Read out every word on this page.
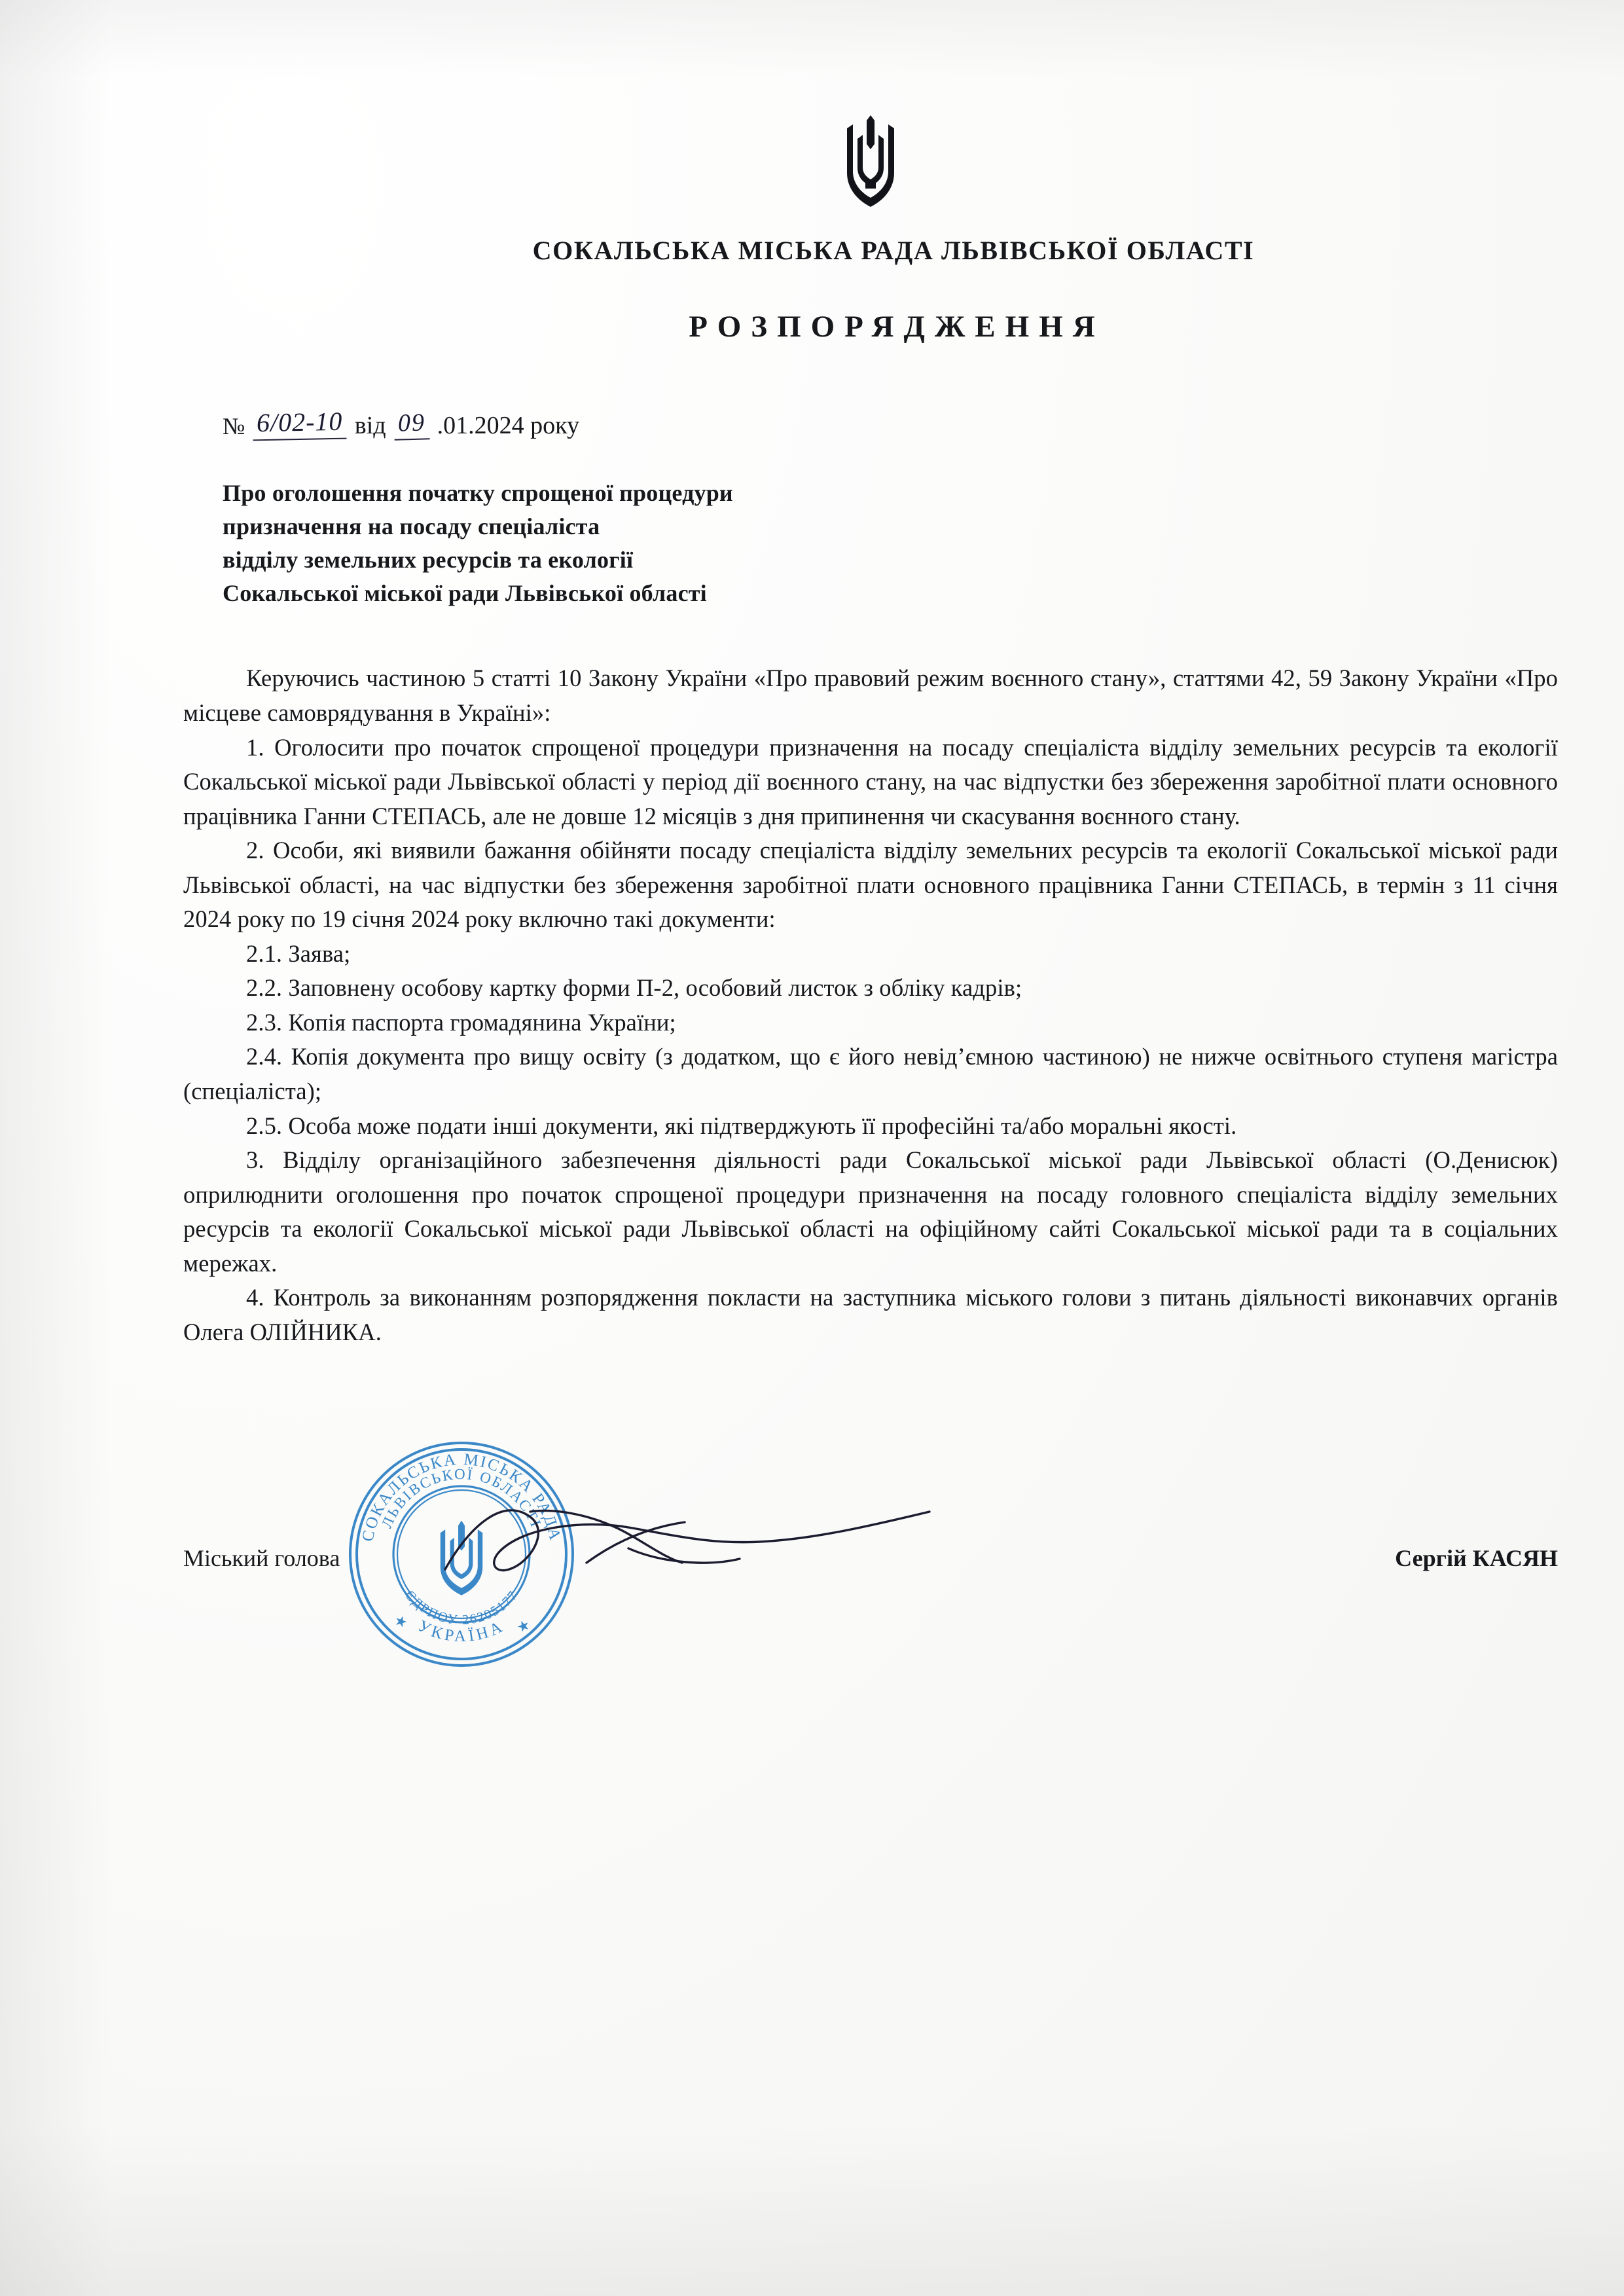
СОКАЛЬСЬКА МІСЬКА РАДА ЛЬВІВСЬКОЇ ОБЛАСТІ
РОЗПОРЯДЖЕННЯ
№ 6/02-10 від 09 .01.2024 року
Про оголошення початку спрощеної процедури
призначення на посаду спеціаліста
відділу земельних ресурсів та екології
Сокальської міської ради Львівської області

Керуючись частиною 5 статті 10 Закону України «Про правовий режим воєнного стану», статтями 42, 59 Закону України «Про місцеве самоврядування в Україні»:

1. Оголосити про початок спрощеної процедури призначення на посаду спеціаліста відділу земельних ресурсів та екології Сокальської міської ради Львівської області у період дії воєнного стану, на час відпустки без збереження заробітної плати основного працівника Ганни СТЕПАСЬ, але не довше 12 місяців з дня припинення чи скасування воєнного стану.

2. Особи, які виявили бажання обійняти посаду спеціаліста відділу земельних ресурсів та екології Сокальської міської ради Львівської області, на час відпустки без збереження заробітної плати основного працівника Ганни СТЕПАСЬ, в термін з 11 січня 2024 року по 19 січня 2024 року включно такі документи:

2.1. Заява;

2.2. Заповнену особову картку форми П-2, особовий листок з обліку кадрів;

2.3. Копія паспорта громадянина України;

2.4. Копія документа про вищу освіту (з додатком, що є його невід’ємною частиною) не нижче освітнього ступеня магістра (спеціаліста);

2.5. Особа може подати інші документи, які підтверджують її професійні та/або моральні якості.

3. Відділу організаційного забезпечення діяльності ради Сокальської міської ради Львівської області (О.Денисюк) оприлюднити оголошення про початок спрощеної процедури призначення на посаду головного спеціаліста відділу земельних ресурсів та екології Сокальської міської ради Львівської області на офіційному сайті Сокальської міської ради та в соціальних мережах.

4. Контроль за виконанням розпорядження покласти на заступника міського голови з питань діяльності виконавчих органів Олега ОЛІЙНИКА.

Міський голова
СОКАЛЬСЬКА МІСЬКА РАДА
ЛЬВІВСЬКОЇ ОБЛАСТІ
УКРАЇНА
ЄДРПОУ 26205177
★	★
Сергій КАСЯН
